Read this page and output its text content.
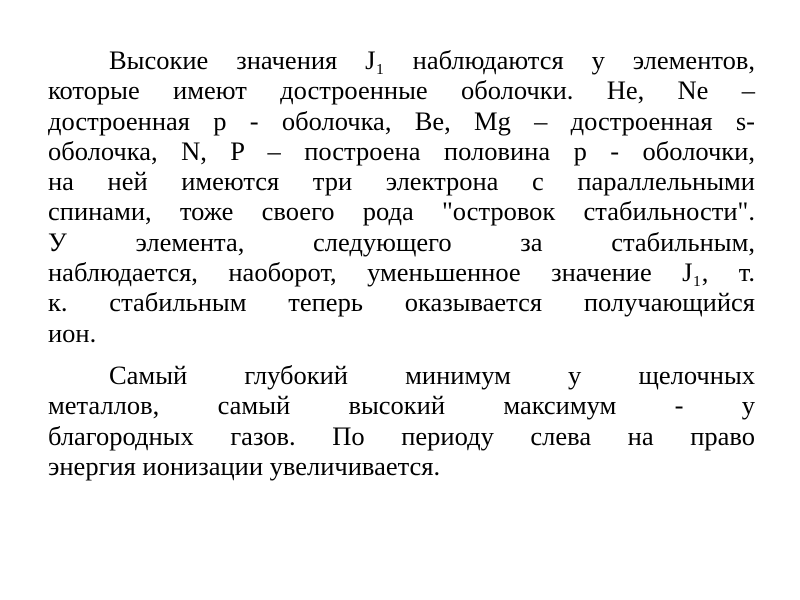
Высокие значения J₁ наблюдаются у элементов,
которые имеют достроенные оболочки. He, Ne –
достроенная p - оболочка, Be, Mg – достроенная s-
оболочка, N, P – построена половина p - оболочки,
на ней имеются три электрона с параллельными
спинами, тоже своего рода "островок стабильности".
У элемента, следующего за стабильным,
наблюдается, наоборот, уменьшенное значение J₁, т.
к. стабильным теперь оказывается получающийся
ион.
Самый глубокий минимум у щелочных
металлов, самый высокий максимум - у
благородных газов. По периоду слева на право
энергия ионизации увеличивается.
